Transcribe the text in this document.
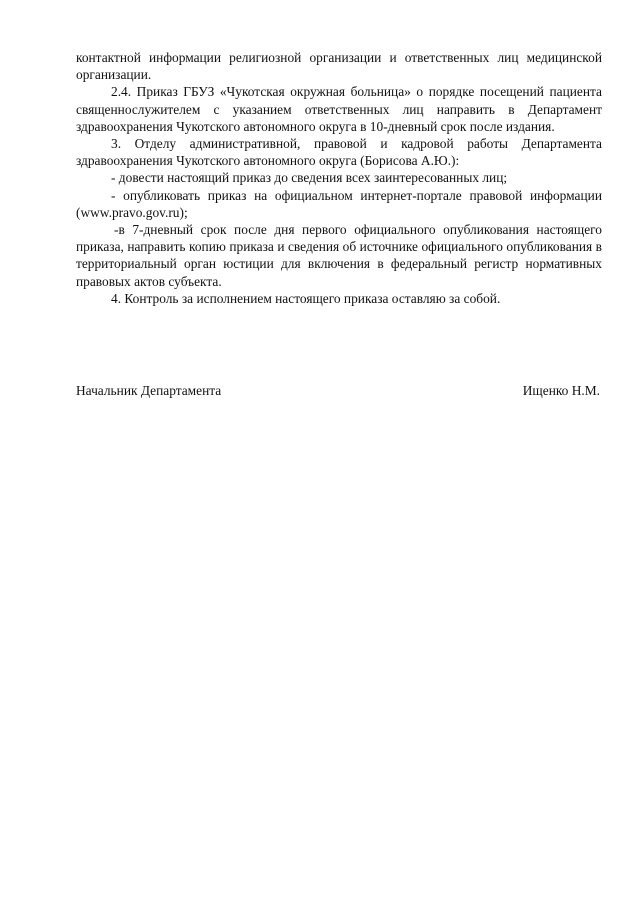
контактной информации религиозной организации и ответственных лиц медицинской организации.

2.4. Приказ ГБУЗ «Чукотская окружная больница» о порядке посещений пациента священнослужителем с указанием ответственных лиц направить в Департамент здравоохранения Чукотского автономного округа в 10-дневный срок после издания.

3. Отделу административной, правовой и кадровой работы Департамента здравоохранения Чукотского автономного округа (Борисова А.Ю.):

- довести настоящий приказ до сведения всех заинтересованных лиц;

- опубликовать приказ на официальном интернет-портале правовой информации (www.pravo.gov.ru);

-в 7-дневный срок после дня первого официального опубликования настоящего приказа, направить копию приказа и сведения об источнике официального опубликования в территориальный орган юстиции для включения в федеральный регистр нормативных правовых актов субъекта.

4. Контроль за исполнением настоящего приказа оставляю за собой.

Начальник Департамента	Ищенко Н.М.
